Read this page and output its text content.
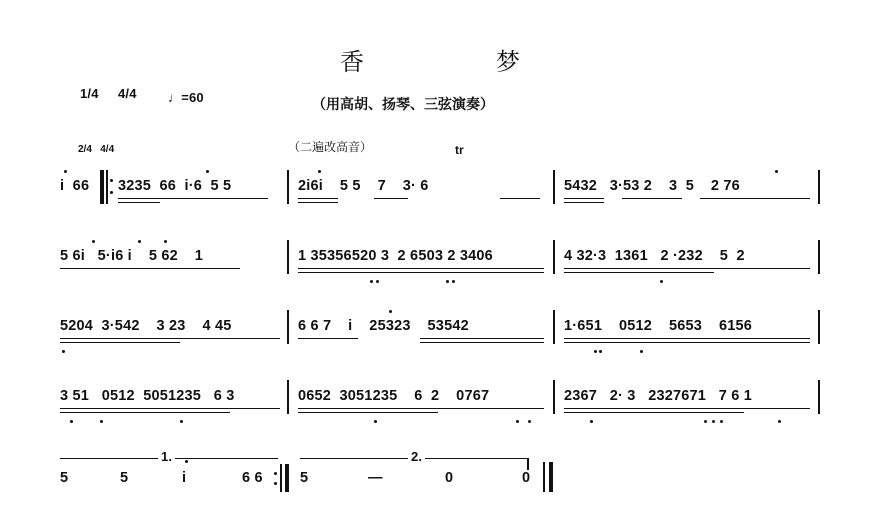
香　　　　　梦
1/4 4/4 ♩=60	（用高胡、扬琴、三弦演奏）
2/4   4/4	（二遍改高音）	tr
i  66 3235  66  i·6  5 5	2i6i    5 5    7    3· 6	5432   3·53 2    3  5    2 76
5 6i   5·i6 i    5 62    1	1 35356520 3  2 6503 2 3406	4 32·3  1361   2 ·232    5  2
5204  3·542    3 23    4 45	6 6 7    i    25323    53542	1·651    0512    5653    6156
3 51   0512  5051235   6 3	0652  3051235    6  2    0767	2367   2· 3   2327671   7 6 1
1.	2.
5	5	i	6 6	5	—	0	0
